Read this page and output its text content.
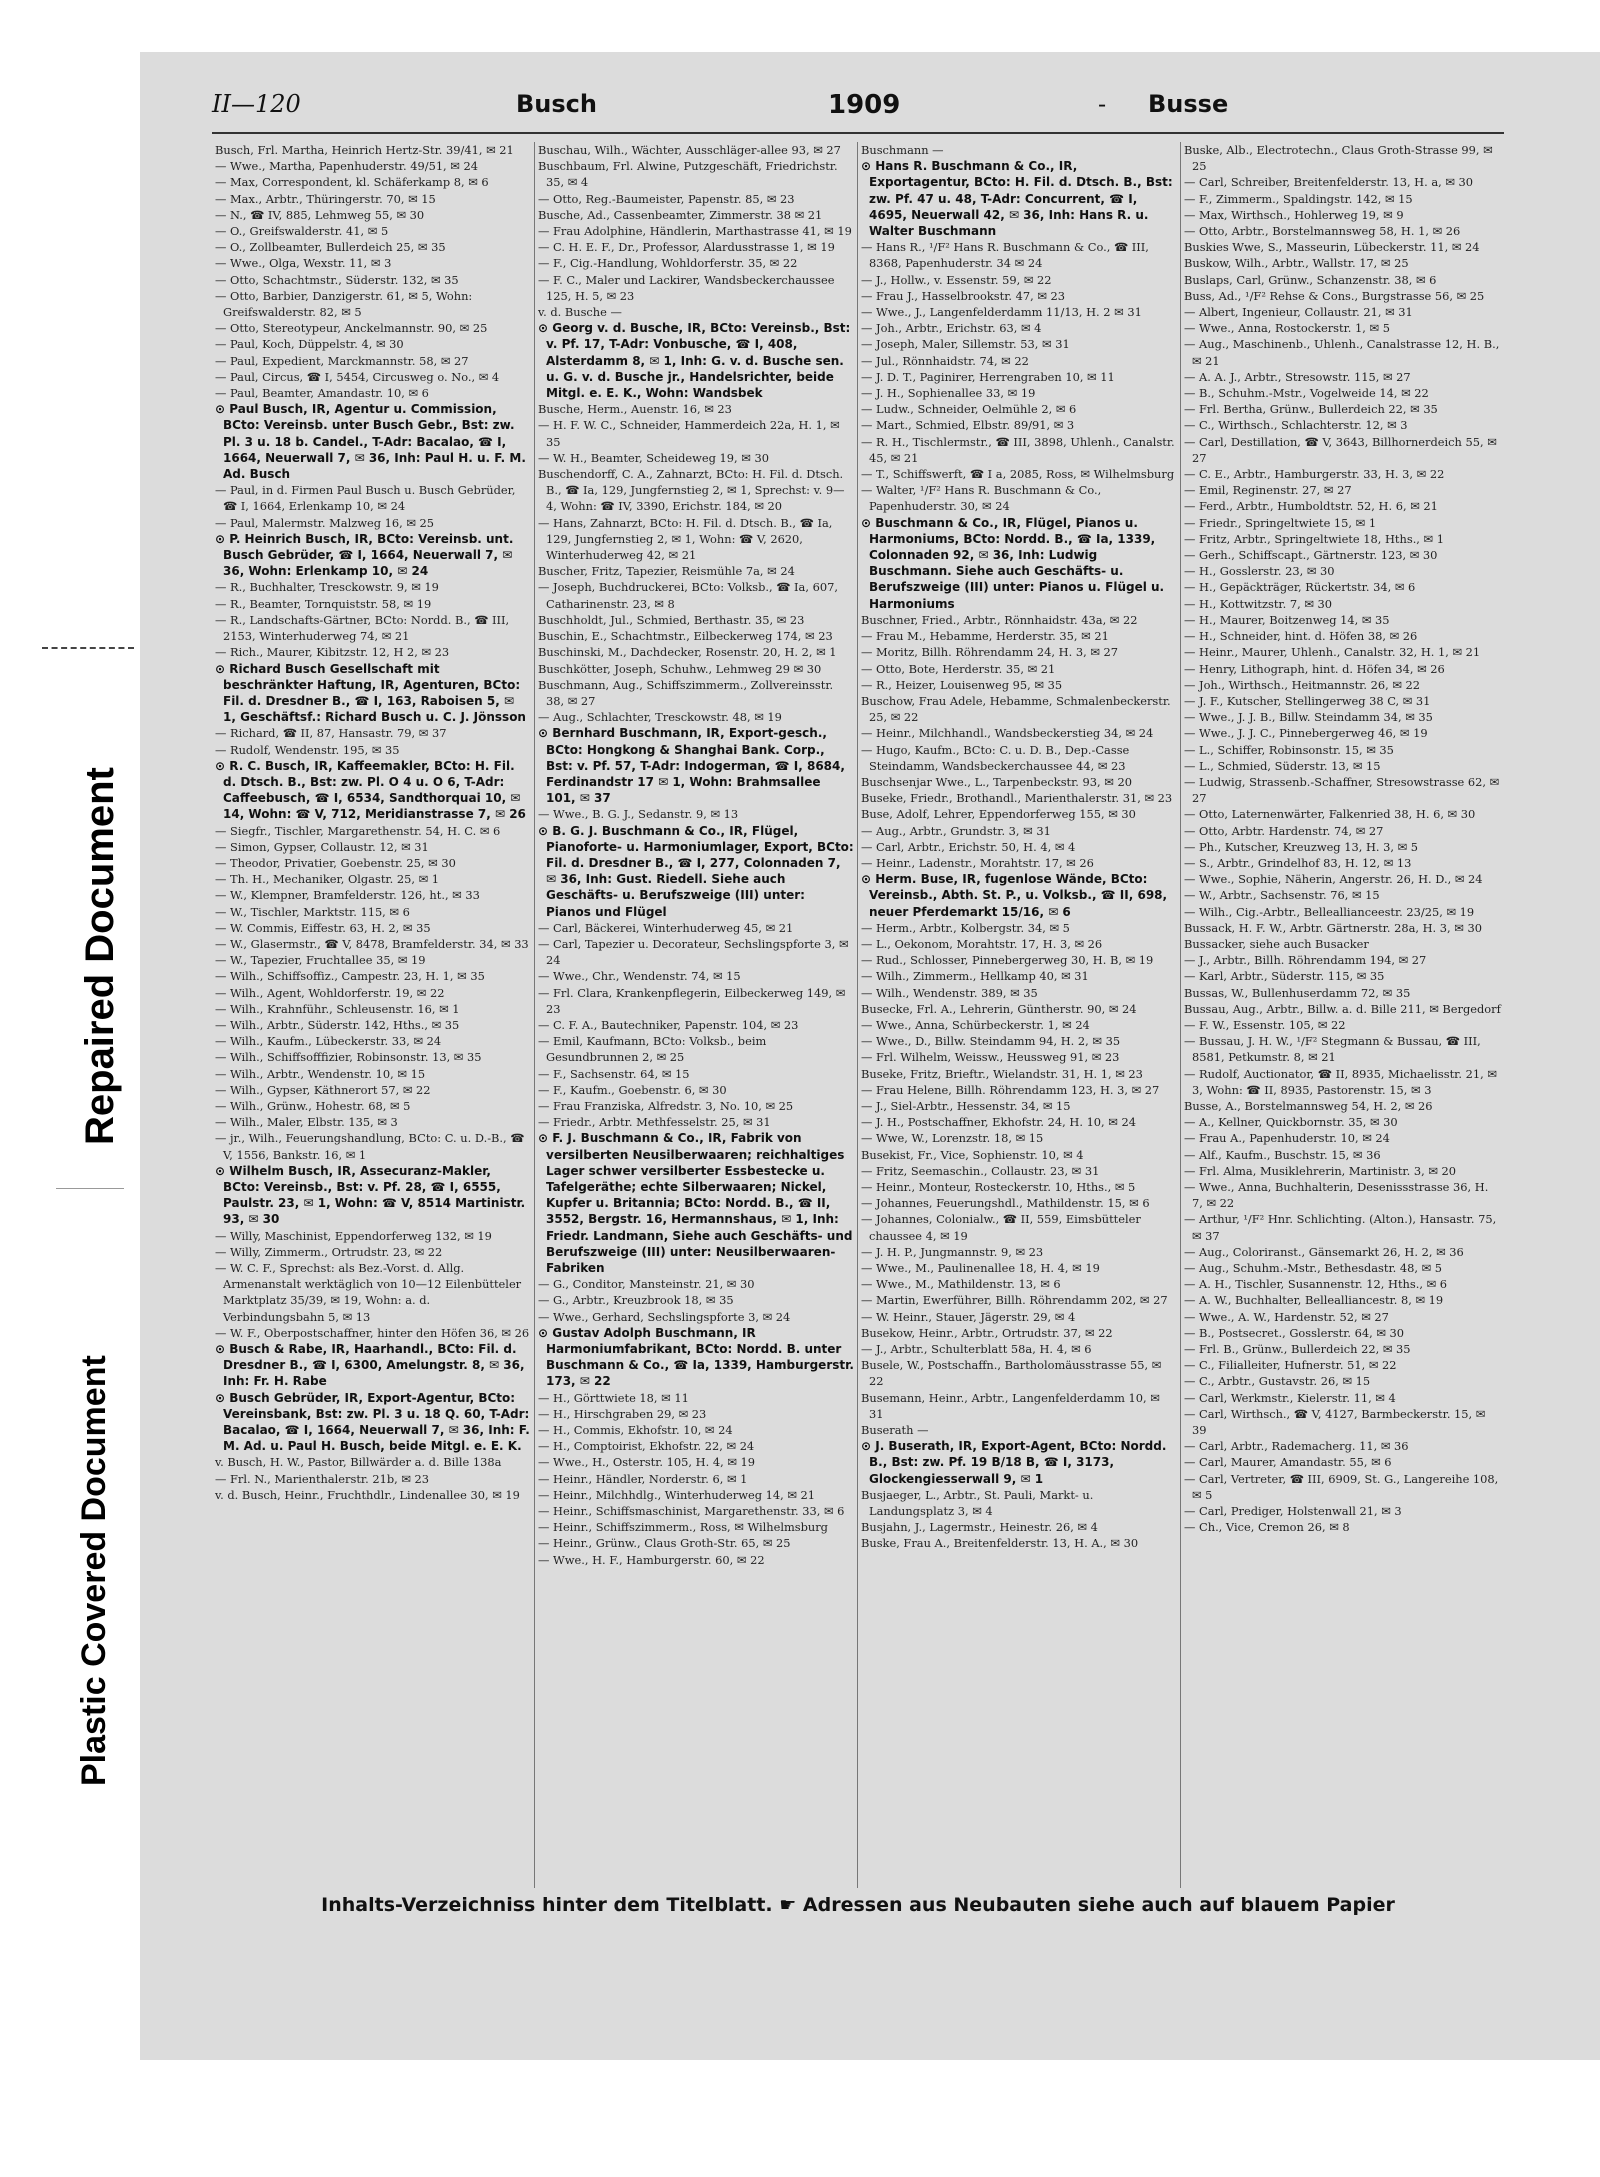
Repaired Document
Plastic Covered Document
II—120	Busch	1909	- Busse
Busch, Frl. Martha, Heinrich Hertz-Str. 39/41, ✉ 21
— Wwe., Martha, Papenhuderstr. 49/51, ✉ 24
— Max, Correspondent, kl. Schäferkamp 8, ✉ 6
— Max., Arbtr., Thüringerstr. 70, ✉ 15
— N., ☎ IV, 885, Lehmweg 55, ✉ 30
— O., Greifswalderstr. 41, ✉ 5
— O., Zollbeamter, Bullerdeich 25, ✉ 35
— Wwe., Olga, Wexstr. 11, ✉ 3
— Otto, Schachtmstr., Süderstr. 132, ✉ 35
— Otto, Barbier, Danzigerstr. 61, ✉ 5, Wohn: Greifswalderstr. 82, ✉ 5
— Otto, Stereotypeur, Anckelmannstr. 90, ✉ 25
— Paul, Koch, Düppelstr. 4, ✉ 30
— Paul, Expedient, Marckmannstr. 58, ✉ 27
— Paul, Circus, ☎ I, 5454, Circusweg o. No., ✉ 4
— Paul, Beamter, Amandastr. 10, ✉ 6
⊙ Paul Busch, IR, Agentur u. Commission, BCto: Vereinsb. unter Busch Gebr., Bst: zw. Pl. 3 u. 18 b. Candel., T-Adr: Bacalao, ☎ I, 1664, Neuerwall 7, ✉ 36, Inh: Paul H. u. F. M. Ad. Busch
— Paul, in d. Firmen Paul Busch u. Busch Gebrüder, ☎ I, 1664, Erlenkamp 10, ✉ 24
— Paul, Malermstr. Malzweg 16, ✉ 25
⊙ P. Heinrich Busch, IR, BCto: Vereinsb. unt. Busch Gebrüder, ☎ I, 1664, Neuerwall 7, ✉ 36, Wohn: Erlenkamp 10, ✉ 24
— R., Buchhalter, Tresckowstr. 9, ✉ 19
— R., Beamter, Tornquiststr. 58, ✉ 19
— R., Landschafts-Gärtner, BCto: Nordd. B., ☎ III, 2153, Winterhuderweg 74, ✉ 21
— Rich., Maurer, Kibitzstr. 12, H 2, ✉ 23
⊙ Richard Busch Gesellschaft mit beschränkter Haftung, IR, Agenturen, BCto: Fil. d. Dresdner B., ☎ I, 163, Raboisen 5, ✉ 1, Geschäftsf.: Richard Busch u. C. J. Jönsson
— Richard, ☎ II, 87, Hansastr. 79, ✉ 37
— Rudolf, Wendenstr. 195, ✉ 35
⊙ R. C. Busch, IR, Kaffeemakler, BCto: H. Fil. d. Dtsch. B., Bst: zw. Pl. O 4 u. O 6, T-Adr: Caffeebusch, ☎ I, 6534, Sandthorquai 10, ✉ 14, Wohn: ☎ V, 712, Meridianstrasse 7, ✉ 26
— Siegfr., Tischler, Margarethenstr. 54, H. C. ✉ 6
— Simon, Gypser, Collaustr. 12, ✉ 31
— Theodor, Privatier, Goebenstr. 25, ✉ 30
— Th. H., Mechaniker, Olgastr. 25, ✉ 1
— W., Klempner, Bramfelderstr. 126, ht., ✉ 33
— W., Tischler, Marktstr. 115, ✉ 6
— W. Commis, Eiffestr. 63, H. 2, ✉ 35
— W., Glasermstr., ☎ V, 8478, Bramfelderstr. 34, ✉ 33
— W., Tapezier, Fruchtallee 35, ✉ 19
— Wilh., Schiffsoffiz., Campestr. 23, H. 1, ✉ 35
— Wilh., Agent, Wohldorferstr. 19, ✉ 22
— Wilh., Krahnführ., Schleusenstr. 16, ✉ 1
— Wilh., Arbtr., Süderstr. 142, Hths., ✉ 35
— Wilh., Kaufm., Lübeckerstr. 33, ✉ 24
— Wilh., Schiffsofffizier, Robinsonstr. 13, ✉ 35
— Wilh., Arbtr., Wendenstr. 10, ✉ 15
— Wilh., Gypser, Käthnerort 57, ✉ 22
— Wilh., Grünw., Hohestr. 68, ✉ 5
— Wilh., Maler, Elbstr. 135, ✉ 3
— jr., Wilh., Feuerungshandlung, BCto: C. u. D.-B., ☎ V, 1556, Bankstr. 16, ✉ 1
⊙ Wilhelm Busch, IR, Assecuranz-Makler, BCto: Vereinsb., Bst: v. Pf. 28, ☎ I, 6555, Paulstr. 23, ✉ 1, Wohn: ☎ V, 8514 Martinistr. 93, ✉ 30
— Willy, Maschinist, Eppendorferweg 132, ✉ 19
— Willy, Zimmerm., Ortrudstr. 23, ✉ 22
— W. C. F., Sprechst: als Bez.-Vorst. d. Allg. Armenanstalt werktäglich von 10—12 Eilenbütteler Marktplatz 35/39, ✉ 19, Wohn: a. d. Verbindungsbahn 5, ✉ 13
— W. F., Oberpostschaffner, hinter den Höfen 36, ✉ 26
⊙ Busch & Rabe, IR, Haarhandl., BCto: Fil. d. Dresdner B., ☎ I, 6300, Amelungstr. 8, ✉ 36, Inh: Fr. H. Rabe
⊙ Busch Gebrüder, IR, Export-Agentur, BCto: Vereinsbank, Bst: zw. Pl. 3 u. 18 Q. 60, T-Adr: Bacalao, ☎ I, 1664, Neuerwall 7, ✉ 36, Inh: F. M. Ad. u. Paul H. Busch, beide Mitgl. e. E. K.
v. Busch, H. W., Pastor, Billwärder a. d. Bille 138a
— Frl. N., Marienthalerstr. 21b, ✉ 23
v. d. Busch, Heinr., Fruchthdlr., Lindenallee 30, ✉ 19
Buschau, Wilh., Wächter, Ausschläger-allee 93, ✉ 27
Buschbaum, Frl. Alwine, Putzgeschäft, Friedrichstr. 35, ✉ 4
— Otto, Reg.-Baumeister, Papenstr. 85, ✉ 23
Busche, Ad., Cassenbeamter, Zimmerstr. 38 ✉ 21
— Frau Adolphine, Händlerin, Marthastrasse 41, ✉ 19
— C. H. E. F., Dr., Professor, Alardusstrasse 1, ✉ 19
— F., Cig.-Handlung, Wohldorferstr. 35, ✉ 22
— F. C., Maler und Lackirer, Wandsbeckerchaussee 125, H. 5, ✉ 23
v. d. Busche —
⊙ Georg v. d. Busche, IR, BCto: Vereinsb., Bst: v. Pf. 17, T-Adr: Vonbusche, ☎ I, 408, Alsterdamm 8, ✉ 1, Inh: G. v. d. Busche sen. u. G. v. d. Busche jr., Handelsrichter, beide Mitgl. e. E. K., Wohn: Wandsbek
Busche, Herm., Auenstr. 16, ✉ 23
— H. F. W. C., Schneider, Hammerdeich 22a, H. 1, ✉ 35
— W. H., Beamter, Scheideweg 19, ✉ 30
Buschendorff, C. A., Zahnarzt, BCto: H. Fil. d. Dtsch. B., ☎ Ia, 129, Jungfernstieg 2, ✉ 1, Sprechst: v. 9—4, Wohn: ☎ IV, 3390, Erichstr. 184, ✉ 20
— Hans, Zahnarzt, BCto: H. Fil. d. Dtsch. B., ☎ Ia, 129, Jungfernstieg 2, ✉ 1, Wohn: ☎ V, 2620, Winterhuderweg 42, ✉ 21
Buscher, Fritz, Tapezier, Reismühle 7a, ✉ 24
— Joseph, Buchdruckerei, BCto: Volksb., ☎ Ia, 607, Catharinenstr. 23, ✉ 8
Buschholdt, Jul., Schmied, Berthastr. 35, ✉ 23
Buschin, E., Schachtmstr., Eilbeckerweg 174, ✉ 23
Buschinski, M., Dachdecker, Rosenstr. 20, H. 2, ✉ 1
Buschkötter, Joseph, Schuhw., Lehmweg 29 ✉ 30
Buschmann, Aug., Schiffszimmerm., Zollvereinsstr. 38, ✉ 27
— Aug., Schlachter, Tresckowstr. 48, ✉ 19
⊙ Bernhard Buschmann, IR, Export-gesch., BCto: Hongkong & Shanghai Bank. Corp., Bst: v. Pf. 57, T-Adr: Indogerman, ☎ I, 8684, Ferdinandstr 17 ✉ 1, Wohn: Brahmsallee 101, ✉ 37
— Wwe., B. G. J., Sedanstr. 9, ✉ 13
⊙ B. G. J. Buschmann & Co., IR, Flügel, Pianoforte- u. Harmoniumlager, Export, BCto: Fil. d. Dresdner B., ☎ I, 277, Colonnaden 7, ✉ 36, Inh: Gust. Riedell. Siehe auch Geschäfts- u. Berufszweige (III) unter: Pianos und Flügel
— Carl, Bäckerei, Winterhuderweg 45, ✉ 21
— Carl, Tapezier u. Decorateur, Sechslingspforte 3, ✉ 24
— Wwe., Chr., Wendenstr. 74, ✉ 15
— Frl. Clara, Krankenpflegerin, Eilbeckerweg 149, ✉ 23
— C. F. A., Bautechniker, Papenstr. 104, ✉ 23
— Emil, Kaufmann, BCto: Volksb., beim Gesundbrunnen 2, ✉ 25
— F., Sachsenstr. 64, ✉ 15
— F., Kaufm., Goebenstr. 6, ✉ 30
— Frau Franziska, Alfredstr. 3, No. 10, ✉ 25
— Friedr., Arbtr. Methfesselstr. 25, ✉ 31
⊙ F. J. Buschmann & Co., IR, Fabrik von versilberten Neusilberwaaren; reichhaltiges Lager schwer versilberter Essbestecke u. Tafelgeräthe; echte Silberwaaren; Nickel, Kupfer u. Britannia; BCto: Nordd. B., ☎ II, 3552, Bergstr. 16, Hermannshaus, ✉ 1, Inh: Friedr. Landmann, Siehe auch Geschäfts- und Berufszweige (III) unter: Neusilberwaaren-Fabriken
— G., Conditor, Mansteinstr. 21, ✉ 30
— G., Arbtr., Kreuzbrook 18, ✉ 35
— Wwe., Gerhard, Sechslingspforte 3, ✉ 24
⊙ Gustav Adolph Buschmann, IR Harmoniumfabrikant, BCto: Nordd. B. unter Buschmann & Co., ☎ Ia, 1339, Hamburgerstr. 173, ✉ 22
— H., Görttwiete 18, ✉ 11
— H., Hirschgraben 29, ✉ 23
— H., Commis, Ekhofstr. 10, ✉ 24
— H., Comptoirist, Ekhofstr. 22, ✉ 24
— Wwe., H., Osterstr. 105, H. 4, ✉ 19
— Heinr., Händler, Norderstr. 6, ✉ 1
— Heinr., Milchhdlg., Winterhuderweg 14, ✉ 21
— Heinr., Schiffsmaschinist, Margarethenstr. 33, ✉ 6
— Heinr., Schiffszimmerm., Ross, ✉ Wilhelmsburg
— Heinr., Grünw., Claus Groth-Str. 65, ✉ 25
— Wwe., H. F., Hamburgerstr. 60, ✉ 22
Buschmann —
⊙ Hans R. Buschmann & Co., IR, Exportagentur, BCto: H. Fil. d. Dtsch. B., Bst: zw. Pf. 47 u. 48, T-Adr: Concurrent, ☎ I, 4695, Neuerwall 42, ✉ 36, Inh: Hans R. u. Walter Buschmann
— Hans R., ¹/F² Hans R. Buschmann & Co., ☎ III, 8368, Papenhuderstr. 34 ✉ 24
— J., Hollw., v. Essenstr. 59, ✉ 22
— Frau J., Hasselbrookstr. 47, ✉ 23
— Wwe., J., Langenfelderdamm 11/13, H. 2 ✉ 31
— Joh., Arbtr., Erichstr. 63, ✉ 4
— Joseph, Maler, Sillemstr. 53, ✉ 31
— Jul., Rönnhaidstr. 74, ✉ 22
— J. D. T., Paginirer, Herrengraben 10, ✉ 11
— J. H., Sophienallee 33, ✉ 19
— Ludw., Schneider, Oelmühle 2, ✉ 6
— Mart., Schmied, Elbstr. 89/91, ✉ 3
— R. H., Tischlermstr., ☎ III, 3898, Uhlenh., Canalstr. 45, ✉ 21
— T., Schiffswerft, ☎ I a, 2085, Ross, ✉ Wilhelmsburg
— Walter, ¹/F² Hans R. Buschmann & Co., Papenhuderstr. 30, ✉ 24
⊙ Buschmann & Co., IR, Flügel, Pianos u. Harmoniums, BCto: Nordd. B., ☎ Ia, 1339, Colonnaden 92, ✉ 36, Inh: Ludwig Buschmann. Siehe auch Geschäfts- u. Berufszweige (III) unter: Pianos u. Flügel u. Harmoniums
Buschner, Fried., Arbtr., Rönnhaidstr. 43a, ✉ 22
— Frau M., Hebamme, Herderstr. 35, ✉ 21
— Moritz, Billh. Röhrendamm 24, H. 3, ✉ 27
— Otto, Bote, Herderstr. 35, ✉ 21
— R., Heizer, Louisenweg 95, ✉ 35
Buschow, Frau Adele, Hebamme, Schmalenbeckerstr. 25, ✉ 22
— Heinr., Milchhandl., Wandsbeckerstieg 34, ✉ 24
— Hugo, Kaufm., BCto: C. u. D. B., Dep.-Casse Steindamm, Wandsbeckerchaussee 44, ✉ 23
Buschsenjar Wwe., L., Tarpenbeckstr. 93, ✉ 20
Buseke, Friedr., Brothandl., Marienthalerstr. 31, ✉ 23
Buse, Adolf, Lehrer, Eppendorferweg 155, ✉ 30
— Aug., Arbtr., Grundstr. 3, ✉ 31
— Carl, Arbtr., Erichstr. 50, H. 4, ✉ 4
— Heinr., Ladenstr., Morahtstr. 17, ✉ 26
⊙ Herm. Buse, IR, fugenlose Wände, BCto: Vereinsb., Abth. St. P., u. Volksb., ☎ II, 698, neuer Pferdemarkt 15/16, ✉ 6
— Herm., Arbtr., Kolbergstr. 34, ✉ 5
— L., Oekonom, Morahtstr. 17, H. 3, ✉ 26
— Rud., Schlosser, Pinnebergerweg 30, H. B, ✉ 19
— Wilh., Zimmerm., Hellkamp 40, ✉ 31
— Wilh., Wendenstr. 389, ✉ 35
Busecke, Frl. A., Lehrerin, Güntherstr. 90, ✉ 24
— Wwe., Anna, Schürbeckerstr. 1, ✉ 24
— Wwe., D., Billw. Steindamm 94, H. 2, ✉ 35
— Frl. Wilhelm, Weissw., Heussweg 91, ✉ 23
Buseke, Fritz, Brieftr., Wielandstr. 31, H. 1, ✉ 23
— Frau Helene, Billh. Röhrendamm 123, H. 3, ✉ 27
— J., Siel-Arbtr., Hessenstr. 34, ✉ 15
— J. H., Postschaffner, Ekhofstr. 24, H. 10, ✉ 24
— Wwe, W., Lorenzstr. 18, ✉ 15
Busekist, Fr., Vice, Sophienstr. 10, ✉ 4
— Fritz, Seemaschin., Collaustr. 23, ✉ 31
— Heinr., Monteur, Rosteckerstr. 10, Hths., ✉ 5
— Johannes, Feuerungshdl., Mathildenstr. 15, ✉ 6
— Johannes, Colonialw., ☎ II, 559, Eimsbütteler chaussee 4, ✉ 19
— J. H. P., Jungmannstr. 9, ✉ 23
— Wwe., M., Paulinenallee 18, H. 4, ✉ 19
— Wwe., M., Mathildenstr. 13, ✉ 6
— Martin, Ewerführer, Billh. Röhrendamm 202, ✉ 27
— W. Heinr., Stauer, Jägerstr. 29, ✉ 4
Busekow, Heinr., Arbtr., Ortrudstr. 37, ✉ 22
— J., Arbtr., Schulterblatt 58a, H. 4, ✉ 6
Busele, W., Postschaffn., Bartholomäusstrasse 55, ✉ 22
Busemann, Heinr., Arbtr., Langenfelderdamm 10, ✉ 31
Buserath —
⊙ J. Buserath, IR, Export-Agent, BCto: Nordd. B., Bst: zw. Pf. 19 B/18 B, ☎ I, 3173, Glockengiesserwall 9, ✉ 1
Busjaeger, L., Arbtr., St. Pauli, Markt- u. Landungsplatz 3, ✉ 4
Busjahn, J., Lagermstr., Heinestr. 26, ✉ 4
Buske, Frau A., Breitenfelderstr. 13, H. A., ✉ 30
Buske, Alb., Electrotechn., Claus Groth-Strasse 99, ✉ 25
— Carl, Schreiber, Breitenfelderstr. 13, H. a, ✉ 30
— F., Zimmerm., Spaldingstr. 142, ✉ 15
— Max, Wirthsch., Hohlerweg 19, ✉ 9
— Otto, Arbtr., Borstelmannsweg 58, H. 1, ✉ 26
Buskies Wwe, S., Masseurin, Lübeckerstr. 11, ✉ 24
Buskow, Wilh., Arbtr., Wallstr. 17, ✉ 25
Buslaps, Carl, Grünw., Schanzenstr. 38, ✉ 6
Buss, Ad., ¹/F² Rehse & Cons., Burgstrasse 56, ✉ 25
— Albert, Ingenieur, Collaustr. 21, ✉ 31
— Wwe., Anna, Rostockerstr. 1, ✉ 5
— Aug., Maschinenb., Uhlenh., Canalstrasse 12, H. B., ✉ 21
— A. A. J., Arbtr., Stresowstr. 115, ✉ 27
— B., Schuhm.-Mstr., Vogelweide 14, ✉ 22
— Frl. Bertha, Grünw., Bullerdeich 22, ✉ 35
— C., Wirthsch., Schlachterstr. 12, ✉ 3
— Carl, Destillation, ☎ V, 3643, Billhornerdeich 55, ✉ 27
— C. E., Arbtr., Hamburgerstr. 33, H. 3, ✉ 22
— Emil, Reginenstr. 27, ✉ 27
— Ferd., Arbtr., Humboldtstr. 52, H. 6, ✉ 21
— Friedr., Springeltwiete 15, ✉ 1
— Fritz, Arbtr., Springeltwiete 18, Hths., ✉ 1
— Gerh., Schiffscapt., Gärtnerstr. 123, ✉ 30
— H., Gosslerstr. 23, ✉ 30
— H., Gepäckträger, Rückertstr. 34, ✉ 6
— H., Kottwitzstr. 7, ✉ 30
— H., Maurer, Boitzenweg 14, ✉ 35
— H., Schneider, hint. d. Höfen 38, ✉ 26
— Heinr., Maurer, Uhlenh., Canalstr. 32, H. 1, ✉ 21
— Henry, Lithograph, hint. d. Höfen 34, ✉ 26
— Joh., Wirthsch., Heitmannstr. 26, ✉ 22
— J. F., Kutscher, Stellingerweg 38 C, ✉ 31
— Wwe., J. J. B., Billw. Steindamm 34, ✉ 35
— Wwe., J. J. C., Pinnebergerweg 46, ✉ 19
— L., Schiffer, Robinsonstr. 15, ✉ 35
— L., Schmied, Süderstr. 13, ✉ 15
— Ludwig, Strassenb.-Schaffner, Stresowstrasse 62, ✉ 27
— Otto, Laternenwärter, Falkenried 38, H. 6, ✉ 30
— Otto, Arbtr. Hardenstr. 74, ✉ 27
— Ph., Kutscher, Kreuzweg 13, H. 3, ✉ 5
— S., Arbtr., Grindelhof 83, H. 12, ✉ 13
— Wwe., Sophie, Näherin, Angerstr. 26, H. D., ✉ 24
— W., Arbtr., Sachsenstr. 76, ✉ 15
— Wilh., Cig.-Arbtr., Belleallianceestr. 23/25, ✉ 19
Bussack, H. F. W., Arbtr. Gärtnerstr. 28a, H. 3, ✉ 30
Bussacker, siehe auch Busacker
— J., Arbtr., Billh. Röhrendamm 194, ✉ 27
— Karl, Arbtr., Süderstr. 115, ✉ 35
Bussas, W., Bullenhuserdamm 72, ✉ 35
Bussau, Aug., Arbtr., Billw. a. d. Bille 211, ✉ Bergedorf
— F. W., Essenstr. 105, ✉ 22
— Bussau, J. H. W., ¹/F² Stegmann & Bussau, ☎ III, 8581, Petkumstr. 8, ✉ 21
— Rudolf, Auctionator, ☎ II, 8935, Michaelisstr. 21, ✉ 3, Wohn: ☎ II, 8935, Pastorenstr. 15, ✉ 3
Busse, A., Borstelmannsweg 54, H. 2, ✉ 26
— A., Kellner, Quickbornstr. 35, ✉ 30
— Frau A., Papenhuderstr. 10, ✉ 24
— Alf., Kaufm., Buschstr. 15, ✉ 36
— Frl. Alma, Musiklehrerin, Martinistr. 3, ✉ 20
— Wwe., Anna, Buchhalterin, Desenissstrasse 36, H. 7, ✉ 22
— Arthur, ¹/F² Hnr. Schlichting. (Alton.), Hansastr. 75, ✉ 37
— Aug., Coloriranst., Gänsemarkt 26, H. 2, ✉ 36
— Aug., Schuhm.-Mstr., Bethesdastr. 48, ✉ 5
— A. H., Tischler, Susannenstr. 12, Hths., ✉ 6
— A. W., Buchhalter, Bellealliancestr. 8, ✉ 19
— Wwe., A. W., Hardenstr. 52, ✉ 27
— B., Postsecret., Gosslerstr. 64, ✉ 30
— Frl. B., Grünw., Bullerdeich 22, ✉ 35
— C., Filialleiter, Hufnerstr. 51, ✉ 22
— C., Arbtr., Gustavstr. 26, ✉ 15
— Carl, Werkmstr., Kielerstr. 11, ✉ 4
— Carl, Wirthsch., ☎ V, 4127, Barmbeckerstr. 15, ✉ 39
— Carl, Arbtr., Rademacherg. 11, ✉ 36
— Carl, Maurer, Amandastr. 55, ✉ 6
— Carl, Vertreter, ☎ III, 6909, St. G., Langereihe 108, ✉ 5
— Carl, Prediger, Holstenwall 21, ✉ 3
— Ch., Vice, Cremon 26, ✉ 8
Inhalts-Verzeichniss hinter dem Titelblatt. ☛ Adressen aus Neubauten siehe auch auf blauem Papier
